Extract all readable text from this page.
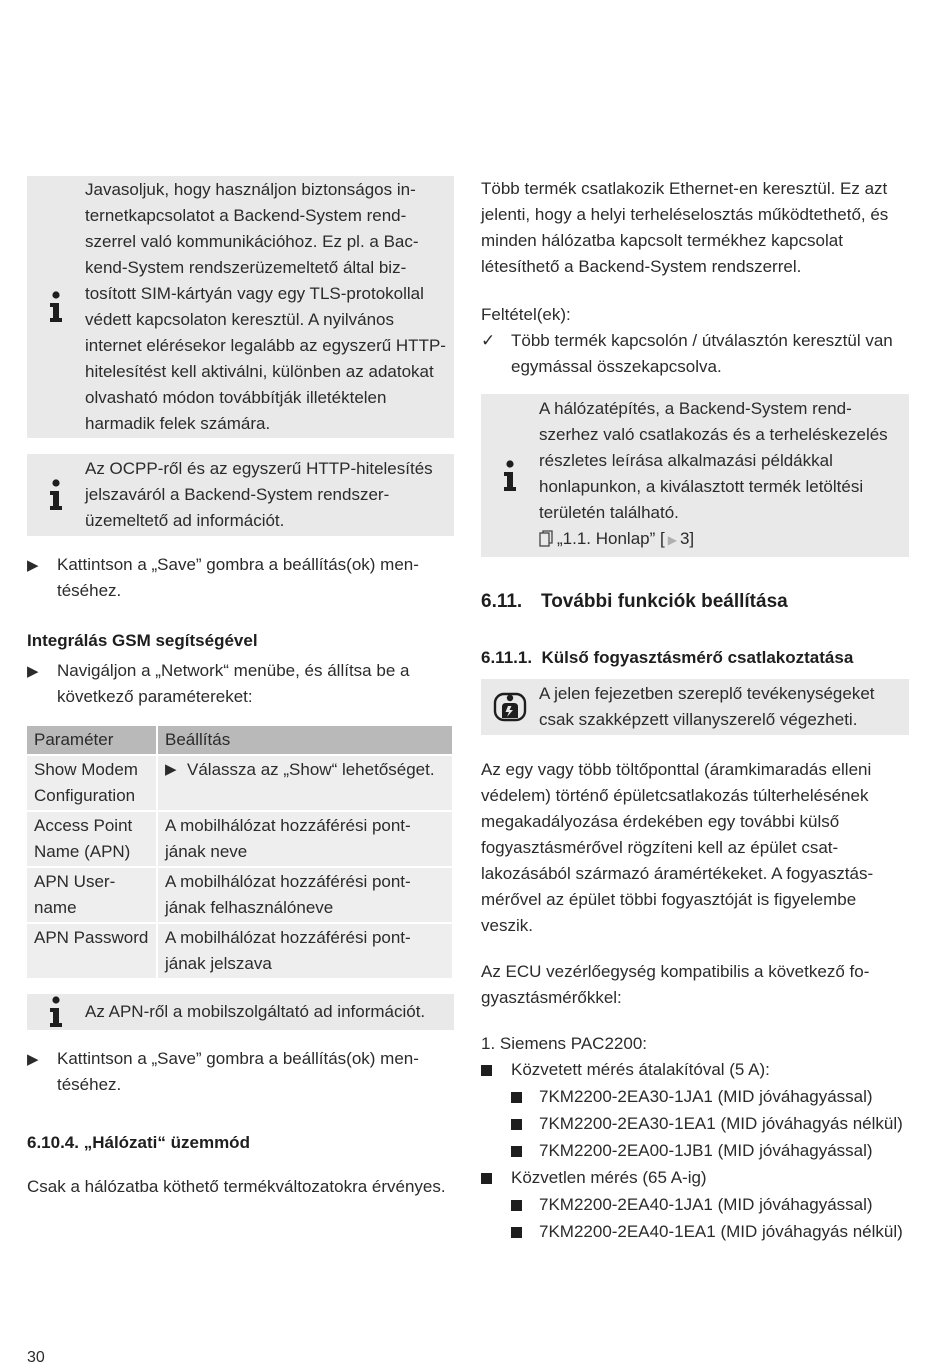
Javasoljuk, hogy használjon biztonságos internetkapcsolatot a Backend-System rendszerrel való kommunikációhoz. Ez pl. a Backend-System rendszerüzemeltető által biztosított SIM-kártyán vagy egy TLS-protokollal védett kapcsolaton keresztül. A nyilvános internet elérésekor legalább az egyszerű HTTP-hitelesítést kell aktiválni, különben az adatokat olvasható módon továbbítják illetéktelen harmadik felek számára.
Az OCPP-ről és az egyszerű HTTP-hitelesítés jelszaváról a Backend-System rendszerüzemeltető ad információt.
▶	Kattintson a „Save” gombra a beállítás(ok) mentéséhez.
Integrálás GSM segítségével
▶	Navigáljon a „Network“ menübe, és állítsa be a következő paramétereket:
Paraméter	Beállítás
Show Modem Configuration	▶ Válassza az „Show“ lehetőséget.

Access Point Name (APN)	A mobilhálózat hozzáférési pontjának neve
APN Username	A mobilhálózat hozzáférési pontjának felhasználóneve
APN Password	A mobilhálózat hozzáférési pontjának jelszava
Az APN-ről a mobilszolgáltató ad információt.
▶	Kattintson a „Save” gombra a beállítás(ok) mentéséhez.
6.10.4. „Hálózati“ üzemmód

Csak a hálózatba köthető termékváltozatokra érvényes.

Több termék csatlakozik Ethernet-en keresztül. Ez azt jelenti, hogy a helyi terheléselosztás működtethető, és minden hálózatba kapcsolt termékhez kapcsolat létesíthető a Backend-System rendszerrel.

Feltétel(ek):

✓ Több termék kapcsolón / útválasztón keresztül van egymással összekapcsolva.
A hálózatépítés, a Backend-System rendszerhez való csatlakozás és a terheléskezelés részletes leírása alkalmazási példákkal honlapunkon, a kiválasztott termék letöltési területén található.
„1.1. Honlap” [ ▶ 3]
6.11. További funkciók beállítása
6.11.1.  Külső fogyasztásmérő csatlakoztatása
A jelen fejezetben szereplő tevékenységeket csak szakképzett villanyszerelő végezheti.

Az egy vagy több töltőponttal (áramkimaradás elleni védelem) történő épületcsatlakozás túlterhelésének megakadályozása érdekében egy további külső fogyasztásmérővel rögzíteni kell az épület csatlakozásából származó áramértékeket. A fogyasztásmérővel az épület többi fogyasztóját is figyelembe veszik.

Az ECU vezérlőegység kompatibilis a következő fogyasztásmérőkkel:

1. Siemens PAC2200:

Közvetett mérés átalakítóval (5 A):
7KM2200-2EA30-1JA1 (MID jóváhagyással)
7KM2200-2EA30-1EA1 (MID jóváhagyás nélkül)
7KM2200-2EA00-1JB1 (MID jóváhagyással)
Közvetlen mérés (65 A-ig)
7KM2200-2EA40-1JA1 (MID jóváhagyással)
7KM2200-2EA40-1EA1 (MID jóváhagyás nélkül)
30
